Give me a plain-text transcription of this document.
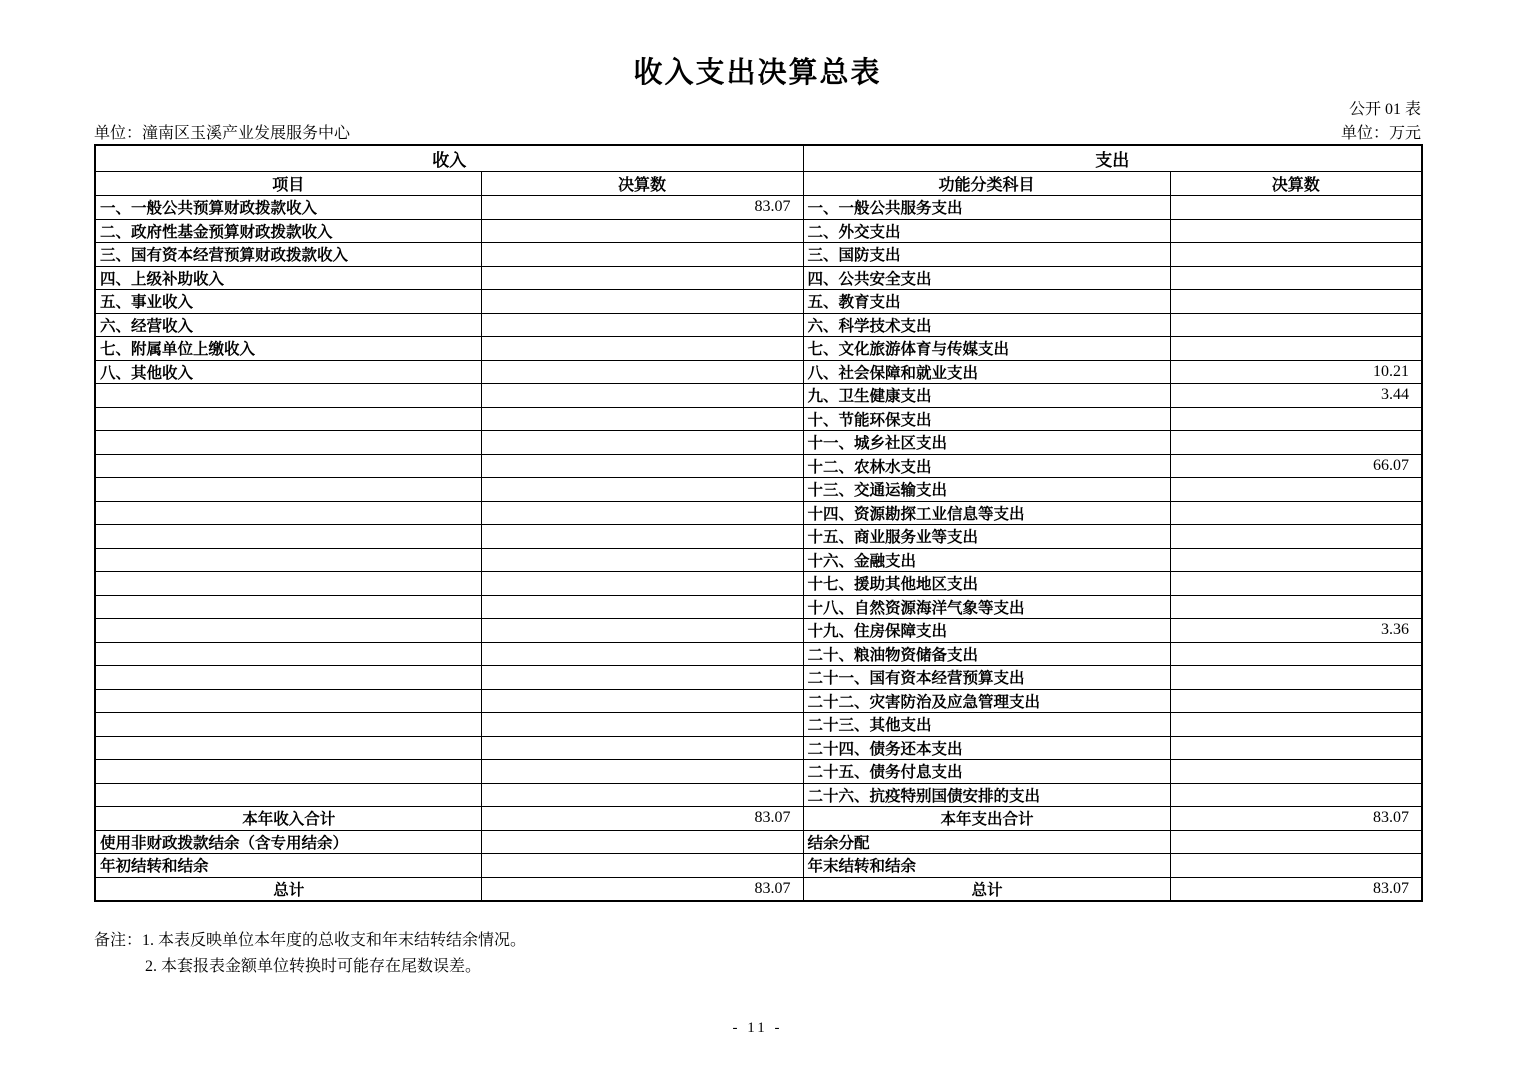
收入支出决算总表
公开 01 表
单位：潼南区玉溪产业发展服务中心	单位：万元
收入		支出	
项目	决算数	功能分类科目	决算数
一、一般公共预算财政拨款收入	83.07	一、一般公共服务支出	
二、政府性基金预算财政拨款收入		二、外交支出	
三、国有资本经营预算财政拨款收入		三、国防支出	
四、上级补助收入		四、公共安全支出	
五、事业收入		五、教育支出	
六、经营收入		六、科学技术支出	
七、附属单位上缴收入		七、文化旅游体育与传媒支出	
八、其他收入		八、社会保障和就业支出	10.21
		九、卫生健康支出	3.44
		十、节能环保支出	
		十一、城乡社区支出	
		十二、农林水支出	66.07
		十三、交通运输支出	
		十四、资源勘探工业信息等支出	
		十五、商业服务业等支出	
		十六、金融支出	
		十七、援助其他地区支出	
		十八、自然资源海洋气象等支出	
		十九、住房保障支出	3.36
		二十、粮油物资储备支出	
		二十一、国有资本经营预算支出	
		二十二、灾害防治及应急管理支出	
		二十三、其他支出	
		二十四、债务还本支出	
		二十五、债务付息支出	
		二十六、抗疫特别国债安排的支出	
本年收入合计	83.07	本年支出合计	83.07
使用非财政拨款结余（含专用结余）		结余分配	
年初结转和结余		年末结转和结余	
总计	83.07	总计	83.07
备注：1. 本表反映单位本年度的总收支和年末结转结余情况。
2. 本套报表金额单位转换时可能存在尾数误差。
- 11 -
